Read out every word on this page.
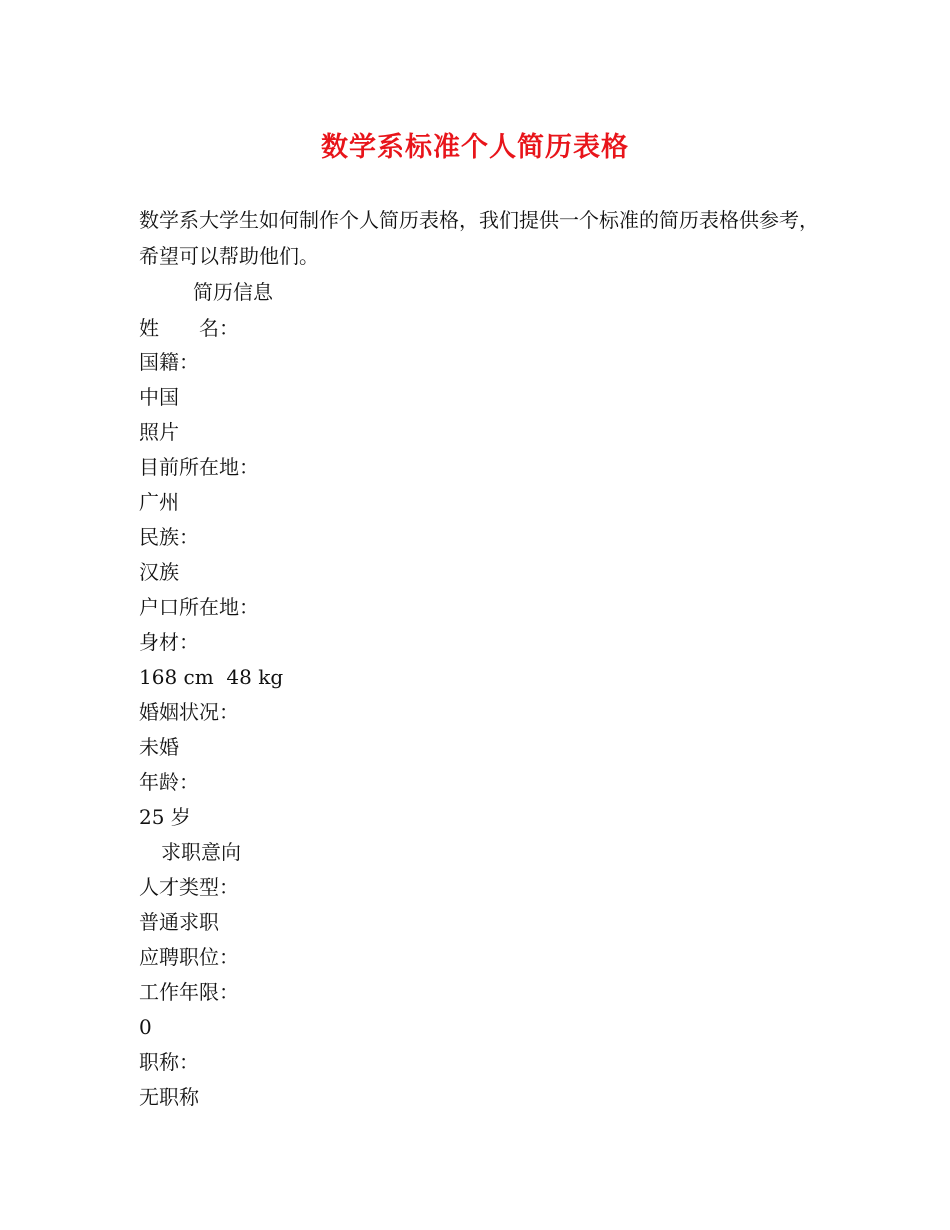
数学系标准个人简历表格
数学系大学生如何制作个人简历表格，我们提供一个标准的简历表格供参考，希望可以帮助他们。
简历信息
姓　　名：
国籍：
中国
照片
目前所在地：
广州
民族：
汉族
户口所在地：
身材：
168 cm  48 kg
婚姻状况：
未婚
年龄：
25 岁
求职意向
人才类型：
普通求职
应聘职位：
工作年限：
0
职称：
无职称
